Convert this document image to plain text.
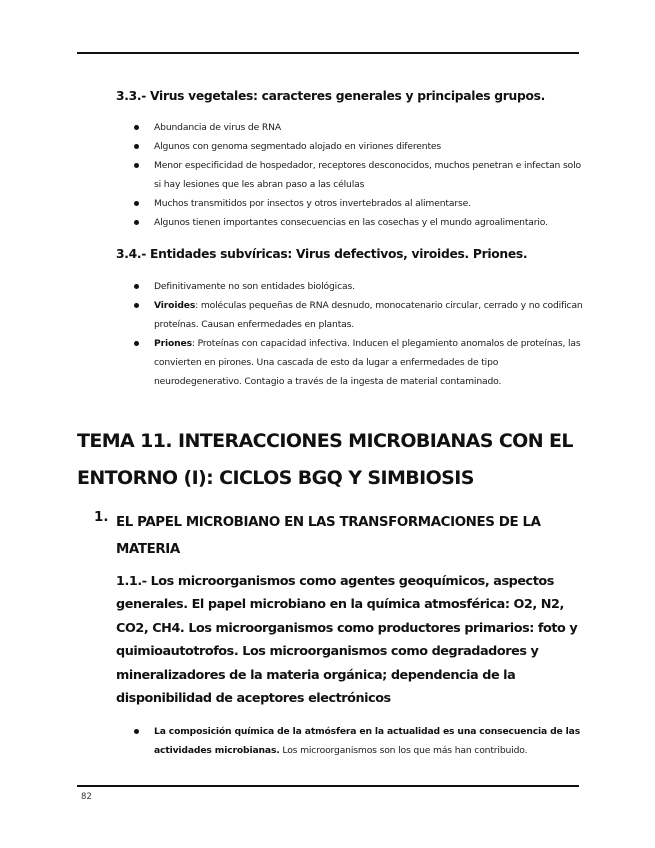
3.3.- Virus vegetales: caracteres generales y principales grupos.
Abundancia de virus de RNA
Algunos con genoma segmentado alojado en viriones diferentes
Menor especificidad de hospedador, receptores desconocidos, muchos penetran e infectan solo si hay lesiones que les abran paso a las células
Muchos transmitidos por insectos y otros invertebrados al alimentarse.
Algunos tienen importantes consecuencias en las cosechas y el mundo agroalimentario.
3.4.- Entidades subvíricas: Virus defectivos, viroides. Priones.
Definitivamente no son entidades biológicas.
Viroides: moléculas pequeñas de RNA desnudo, monocatenario circular, cerrado y no codifican proteínas. Causan enfermedades en plantas.
Priones: Proteínas con capacidad infectiva. Inducen el plegamiento anomalos de proteínas, las convierten en pirones. Una cascada de esto da lugar a enfermedades de tipo neurodegenerativo. Contagio a través de la ingesta de material contaminado.
TEMA 11. INTERACCIONES MICROBIANAS CON EL ENTORNO (I): CICLOS BGQ Y SIMBIOSIS
1. EL PAPEL MICROBIANO EN LAS TRANSFORMACIONES DE LA MATERIA
1.1.- Los microorganismos como agentes geoquímicos, aspectos generales. El papel microbiano en la química atmosférica: O2, N2, CO2, CH4. Los microorganismos como productores primarios: foto y quimioautotrofos. Los microorganismos como degradadores y mineralizadores de la materia orgánica; dependencia de la disponibilidad de aceptores electrónicos
La composición química de la atmósfera en la actualidad es una consecuencia de las actividades microbianas. Los microorganismos son los que más han contribuido.
82
